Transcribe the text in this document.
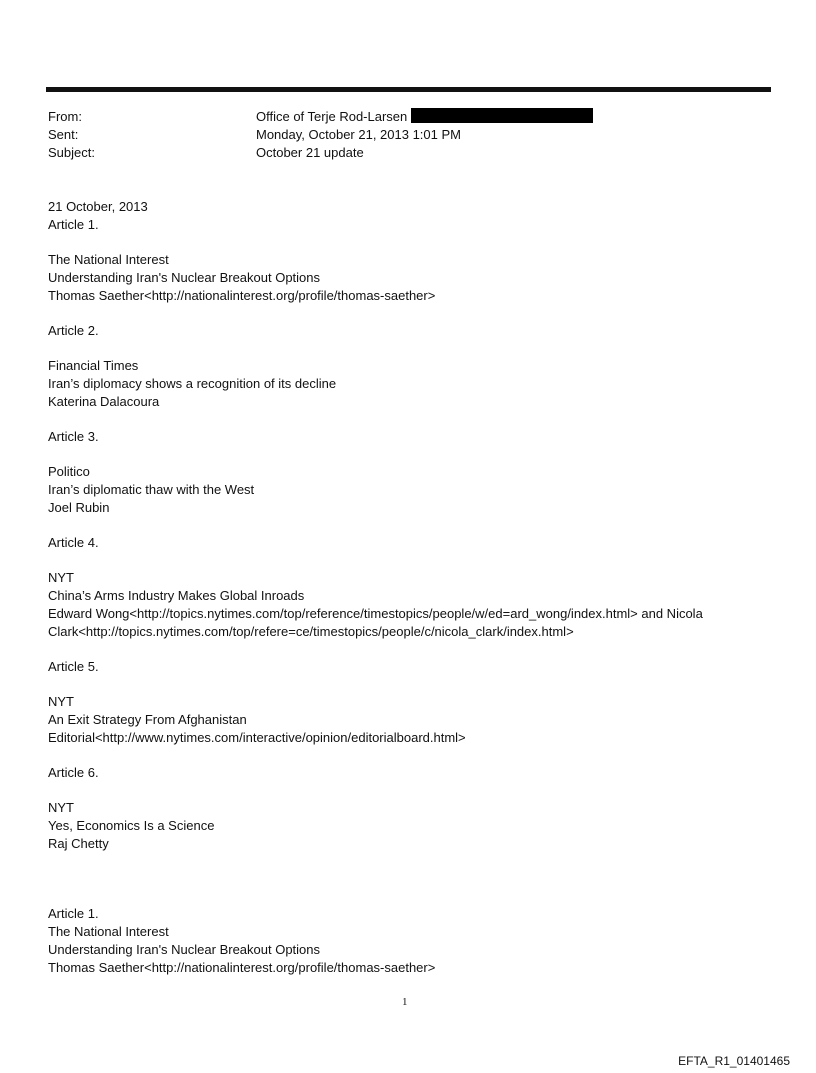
From:	Office of Terje Rod-Larsen
Sent:	Monday, October 21, 2013 1:01 PM
Subject:	October 21 update
21 October, 2013
Article 1.
The National Interest
Understanding Iran's Nuclear Breakout Options
Thomas Saether<http://nationalinterest.org/profile/thomas-saether>
Article 2.
Financial Times
Iran’s diplomacy shows a recognition of its decline
Katerina Dalacoura
Article 3.
Politico
Iran’s diplomatic thaw with the West
Joel Rubin
Article 4.
NYT
China’s Arms Industry Makes Global Inroads
Edward Wong<http://topics.nytimes.com/top/reference/timestopics/people/w/ed=ard_wong/index.html> and Nicola
Clark<http://topics.nytimes.com/top/refere=ce/timestopics/people/c/nicola_clark/index.html>
Article 5.
NYT
An Exit Strategy From Afghanistan
Editorial<http://www.nytimes.com/interactive/opinion/editorialboard.html>
Article 6.
NYT
Yes, Economics Is a Science
Raj Chetty
Article 1.
The National Interest
Understanding Iran's Nuclear Breakout Options
Thomas Saether<http://nationalinterest.org/profile/thomas-saether>
1
EFTA_R1_01401465
